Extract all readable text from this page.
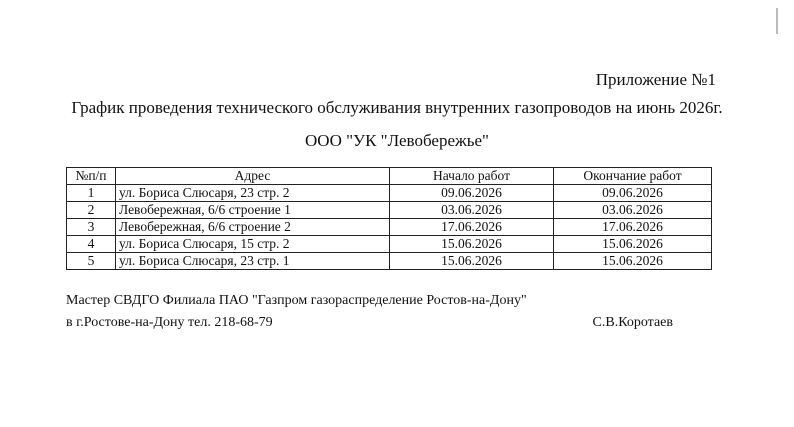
Приложение №1
График проведения технического обслуживания внутренних газопроводов на июнь 2026г.
ООО "УК "Левобережье"
№п/п	Адрес	Начало работ	Окончание работ
1	ул. Бориса Слюсаря, 23 стр. 2	09.06.2026	09.06.2026
2	Левобережная, 6/6 строение 1	03.06.2026	03.06.2026
3	Левобережная, 6/6 строение 2	17.06.2026	17.06.2026
4	ул. Бориса Слюсаря, 15 стр. 2	15.06.2026	15.06.2026
5	ул. Бориса Слюсаря, 23 стр. 1	15.06.2026	15.06.2026
Мастер СВДГО Филиала ПАО "Газпром газораспределение Ростов-на-Дону"
в г.Ростове-на-Дону тел. 218-68-79	С.В.Коротаев
